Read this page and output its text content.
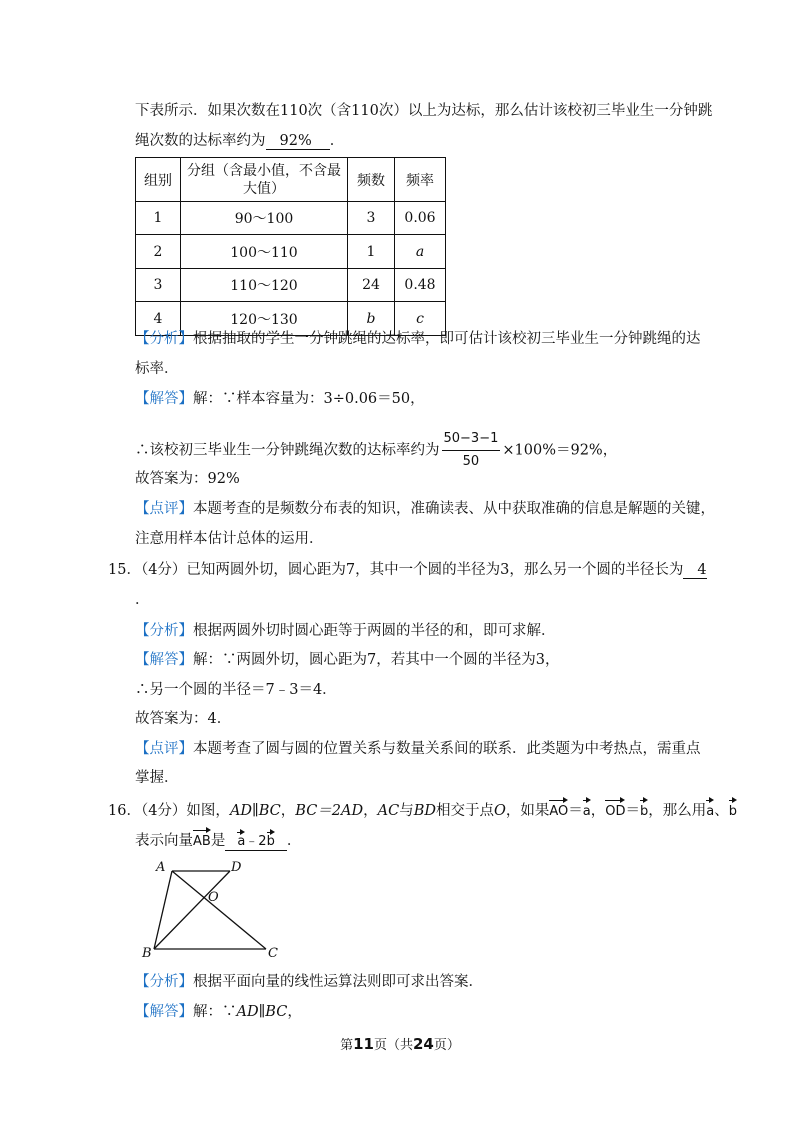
下表所示．如果次数在110次（含110次）以上为达标，那么估计该校初三毕业生一分钟跳
绳次数的达标率约为 92% ．
组别	分组（含最小值，不含最大值）	频数	频率
1	90～100	3	0.06
2	100～110	1	a
3	110～120	24	0.48
4	120～130	b	c
【分析】根据抽取的学生一分钟跳绳的达标率，即可估计该校初三毕业生一分钟跳绳的达
标率．
【解答】解：∵样本容量为：3÷0.06＝50，
∴该校初三毕业生一分钟跳绳次数的达标率约为 $\frac{50-3-1}{50} \times 100\%=92\%$，
故答案为：92%
【点评】本题考查的是频数分布表的知识，准确读表、从中获取准确的信息是解题的关键，
注意用样本估计总体的运用．
15．（4分）已知两圆外切，圆心距为7，其中一个圆的半径为3，那么另一个圆的半径长为 4
．
【分析】根据两圆外切时圆心距等于两圆的半径的和，即可求解．
【解答】解：∵两圆外切，圆心距为7，若其中一个圆的半径为3，
∴另一个圆的半径＝7﹣3＝4．
故答案为：4．
【点评】本题考查了圆与圆的位置关系与数量关系间的联系．此类题为中考热点，需重点
掌握．
16．（4分）如图，AD∥BC，BC＝2AD，AC与BD相交于点O，如果AO＝a，OD＝b，那么用a、b
表示向量AB是 a﹣2b ．
A	D
O
B	C
【分析】根据平面向量的线性运算法则即可求出答案．
【解答】解：∵AD∥BC，
第11页（共24页）
